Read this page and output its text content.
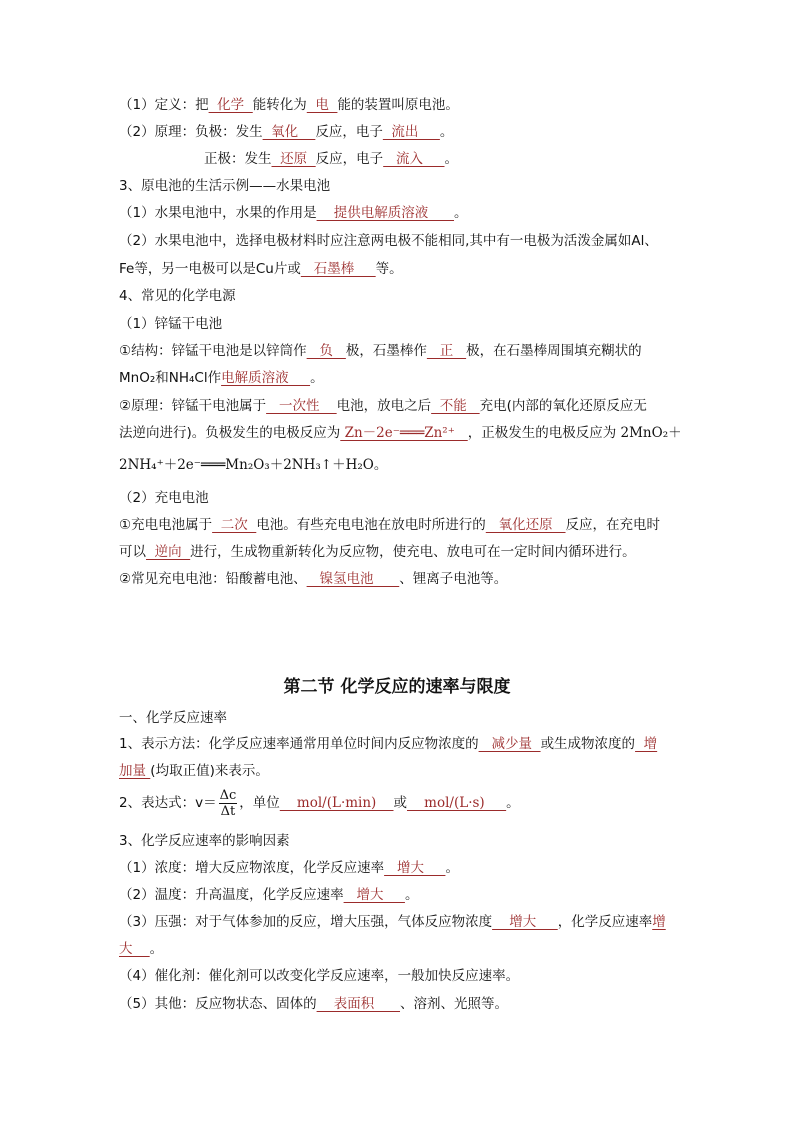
（1）定义：把  化学  能转化为  电  能的装置叫原电池。
（2）原理：负极：发生  氧化    反应，电子  流出     。
正极：发生  还原  反应，电子   流入     。
3、原电池的生活示例——水果电池
（1）水果电池中，水果的作用是    提供电解质溶液      。
（2）水果电池中，选择电极材料时应注意两电极不能相同,其中有一电极为活泼金属如Al、
Fe等，另一电极可以是Cu片或   石墨棒     等。
4、常见的化学电源
（1）锌锰干电池
①结构：锌锰干电池是以锌筒作   负   极，石墨棒作   正   极，在石墨棒周围填充糊状的
MnO₂和NH₄Cl作电解质溶液     。
②原理：锌锰干电池属于   一次性    电池，放电之后  不能   充电(内部的氧化还原反应无
法逆向进行)。负极发生的电极反应为 Zn－2e⁻═══Zn²⁺   ，正极发生的电极反应为 2MnO₂＋
2NH₄⁺＋2e⁻═══Mn₂O₃＋2NH₃↑＋H₂O。
（2）充电电池
①充电电池属于  二次  电池。有些充电电池在放电时所进行的   氧化还原   反应，在充电时
可以  逆向  进行，生成物重新转化为反应物，使充电、放电可在一定时间内循环进行。
②常见充电电池：铅酸蓄电池、   镍氢电池      、锂离子电池等。
第二节 化学反应的速率与限度
一、化学反应速率
1、表示方法：化学反应速率通常用单位时间内反应物浓度的   减少量  或生成物浓度的  增
加量 (均取正值)来表示。
2、表达式：$v= \frac{\Delta c}{\Delta t}$ ，单位    mol/(L·min)    或    mol/(L·s)     。
3、化学反应速率的影响因素
（1）浓度：增大反应物浓度，化学反应速率   增大     。
（2）温度：升高温度，化学反应速率   增大     。
（3）压强：对于气体参加的反应，增大压强，气体反应物浓度    增大     ，化学反应速率增
大    。
（4）催化剂：催化剂可以改变化学反应速率，一般加快反应速率。
（5）其他：反应物状态、固体的    表面积      、溶剂、光照等。
